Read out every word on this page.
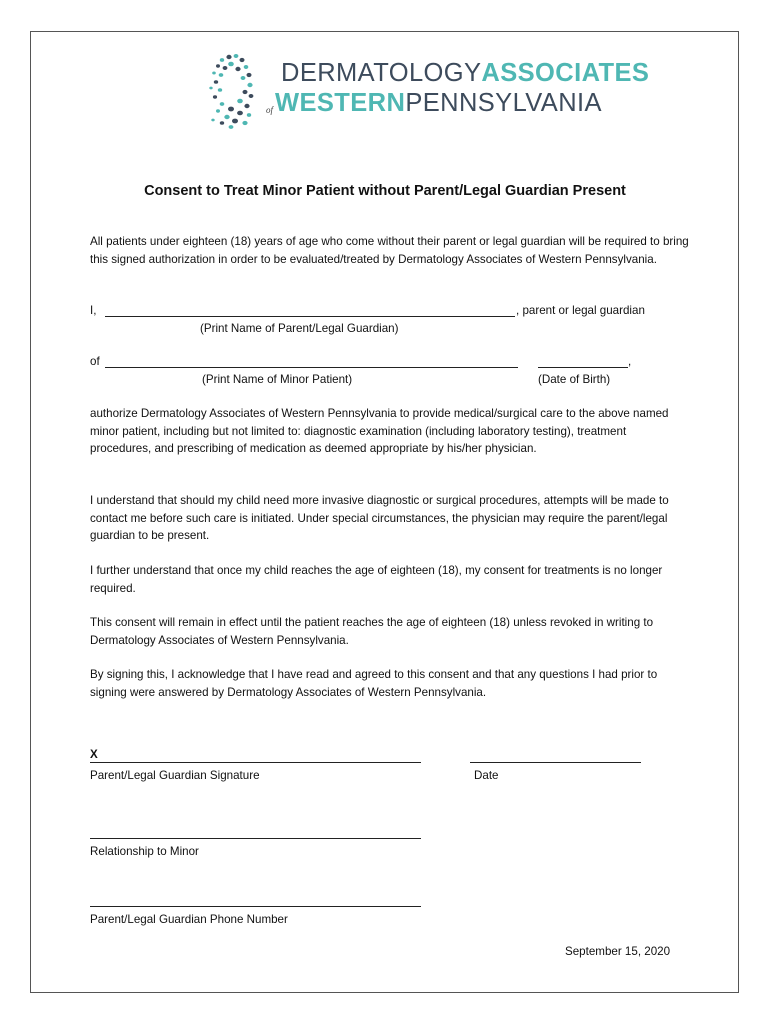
DERMATOLOGYASSOCIATES
of WESTERNPENNSYLVANIA
Consent to Treat Minor Patient without Parent/Legal Guardian Present

All patients under eighteen (18) years of age who come without their parent or legal guardian will be required to bring this signed authorization in order to be evaluated/treated by Dermatology Associates of Western Pennsylvania.

I,	, parent or legal guardian
(Print Name of Parent/Legal Guardian)
of	,
(Print Name of Minor Patient)	(Date of Birth)

authorize Dermatology Associates of Western Pennsylvania to provide medical/surgical care to the above named minor patient, including but not limited to: diagnostic examination (including laboratory testing), treatment procedures, and prescribing of medication as deemed appropriate by his/her physician.

I understand that should my child need more invasive diagnostic or surgical procedures, attempts will be made to contact me before such care is initiated. Under special circumstances, the physician may require the parent/legal guardian to be present.

I further understand that once my child reaches the age of eighteen (18), my consent for treatments is no longer required.

This consent will remain in effect until the patient reaches the age of eighteen (18) unless revoked in writing to Dermatology Associates of Western Pennsylvania.

By signing this, I acknowledge that I have read and agreed to this consent and that any questions I had prior to signing were answered by Dermatology Associates of Western Pennsylvania.

X
Parent/Legal Guardian Signature	Date
Relationship to Minor
Parent/Legal Guardian Phone Number
September 15, 2020
